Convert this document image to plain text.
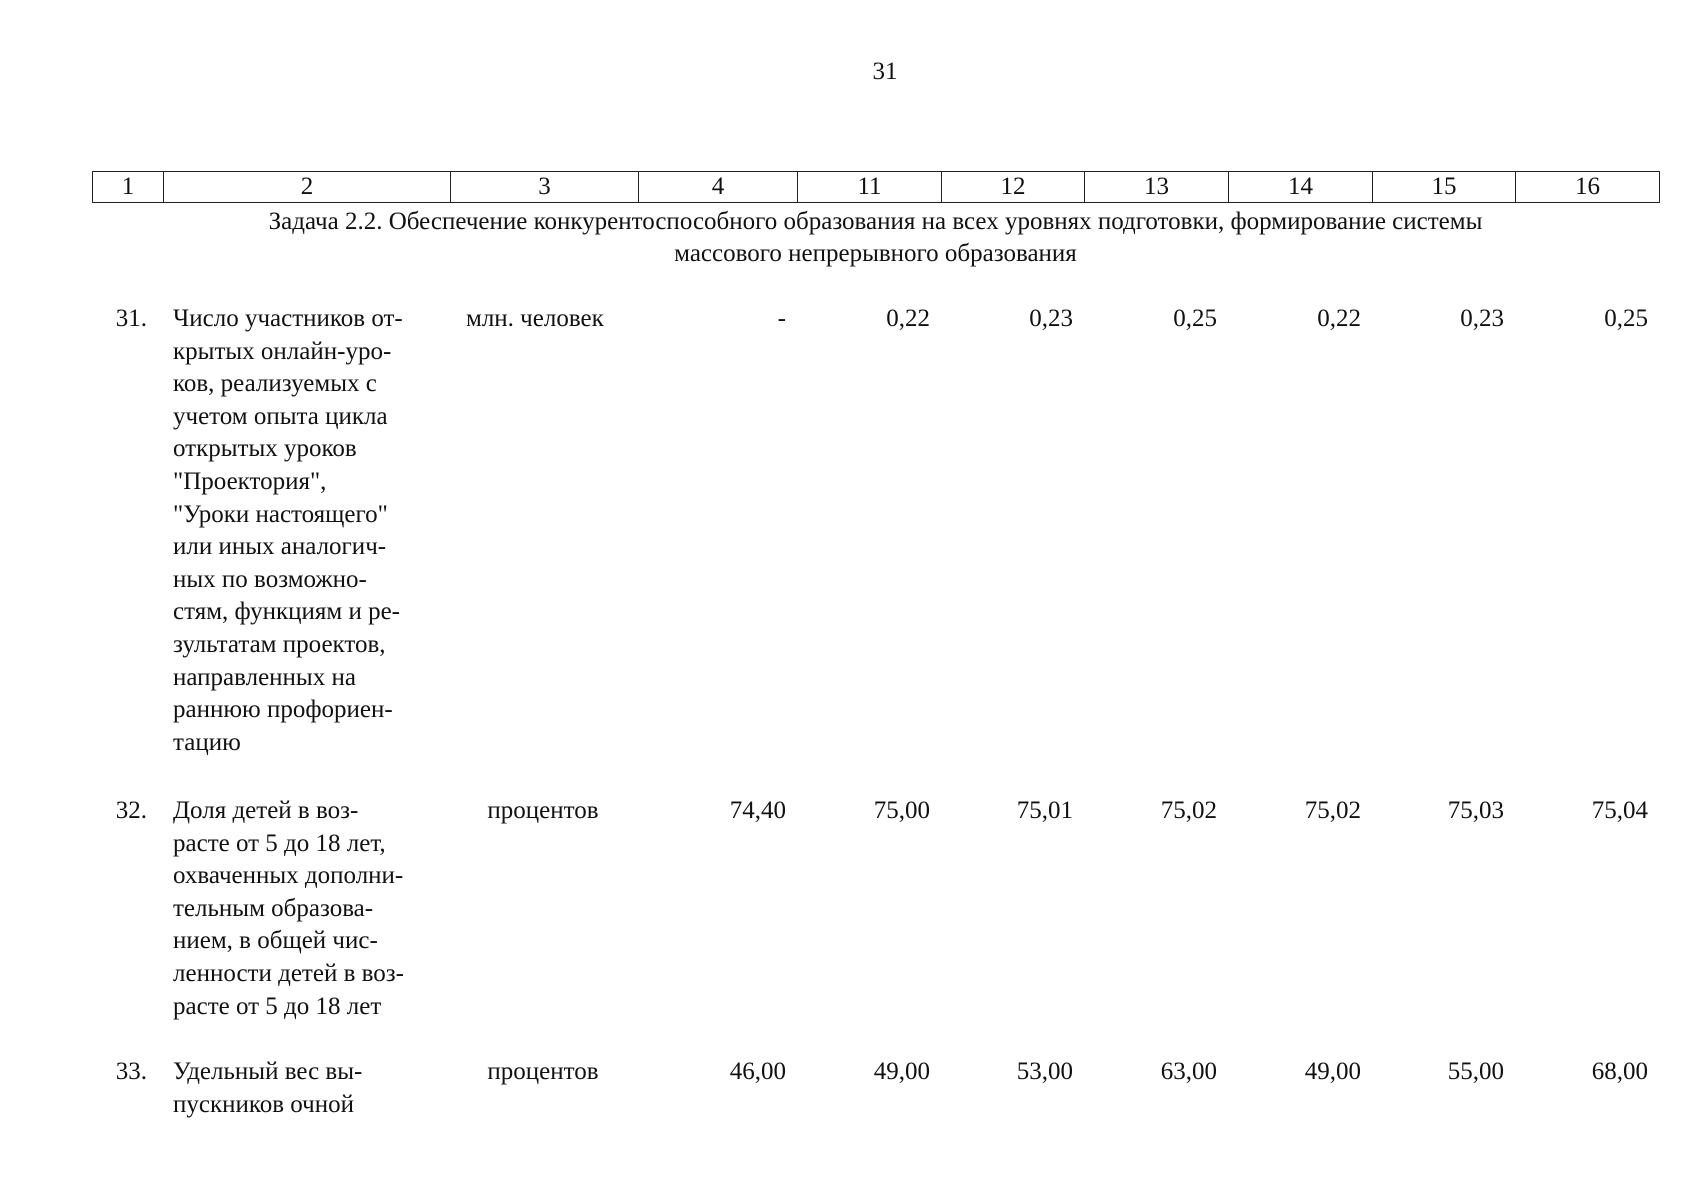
31
1	2	3	4	11	12	13	14	15	16
Задача 2.2. Обеспечение конкурентоспособного образования на всех уровнях подготовки, формирование системы
массового непрерывного образования
31. Число участников от-
крытых онлайн-уро-
ков, реализуемых с
учетом опыта цикла
открытых уроков
"Проектория",
"Уроки настоящего"
или иных аналогич-
ных по возможно-
стям, функциям и ре-
зультатам проектов,
направленных на
раннюю профориен-
тацию
млн. человек	-	0,22	0,23	0,25	0,22	0,23	0,25
32. Доля детей в воз-
расте от 5 до 18 лет,
охваченных дополни-
тельным образова-
нием, в общей чис-
ленности детей в воз-
расте от 5 до 18 лет
процентов	74,40	75,00	75,01	75,02	75,02	75,03	75,04
33. Удельный вес вы-
пускников очной
процентов	46,00	49,00	53,00	63,00	49,00	55,00	68,00
